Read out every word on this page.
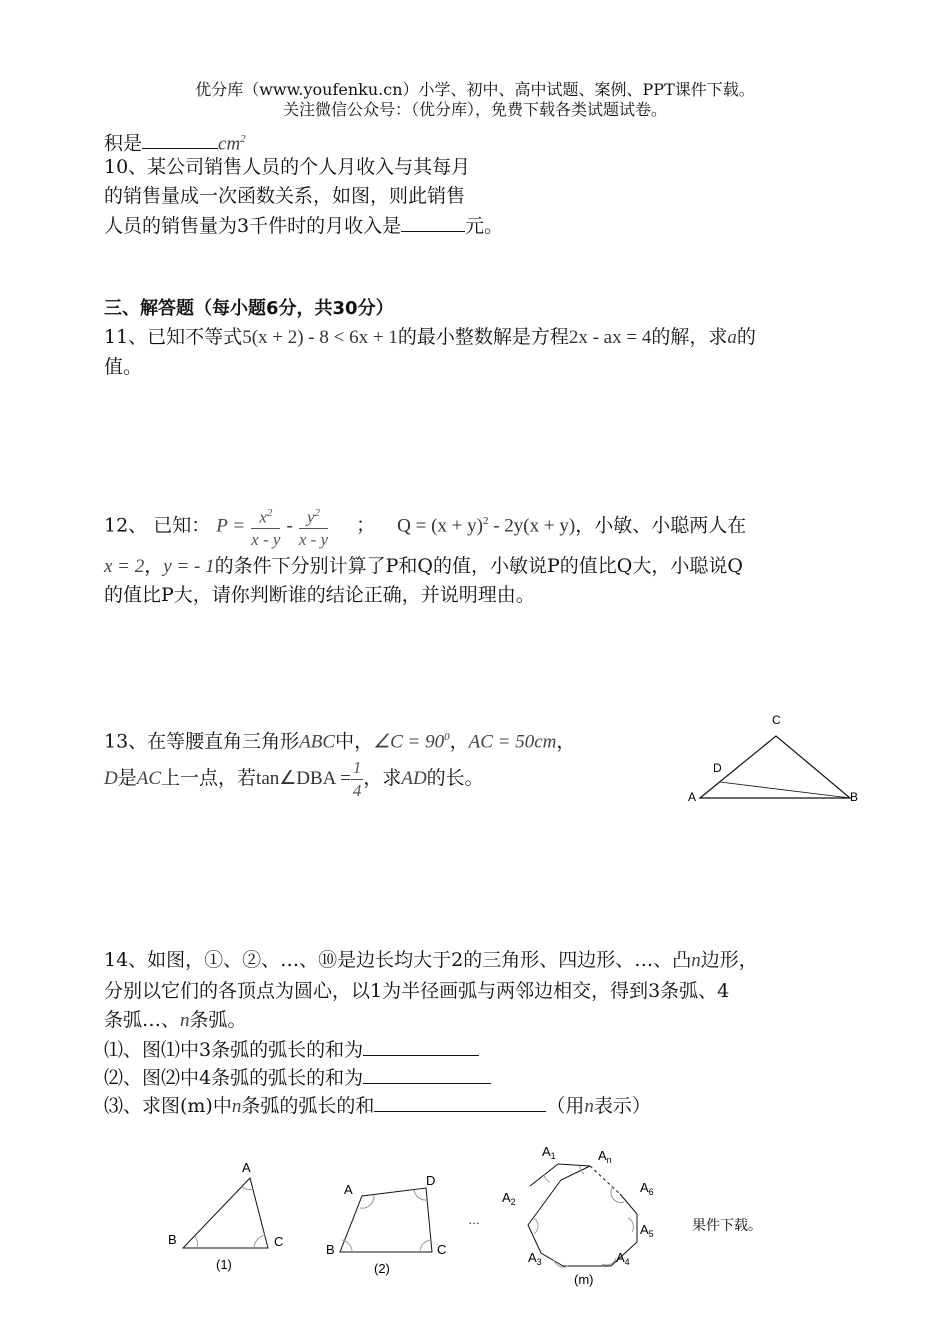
优分库（www.youfenku.cn）小学、初中、高中试题、案例、PPT课件下载。
关注微信公众号：（优分库），免费下载各类试题试卷。
积是	$cm^2$
10、某公司销售人员的个人月收入与其每月
的销售量成一次函数关系，如图，则此销售
人员的销售量为3千件时的月收入是	元。
三、解答题（每小题6分，共30分）
11、已知不等式5(x + 2) - 8 < 6x + 1的最小整数解是方程2x - ax = 4的解，求a的
值。
12、 已知： $P = \frac{x^2}{x - y} - \frac{y^2}{x - y}$ ； $Q = (x + y)^2 - 2y(x + y)$，小敏、小聪两人在
x = 2，y = - 1的条件下分别计算了P和Q的值，小敏说P的值比Q大，小聪说Q
的值比P大，请你判断谁的结论正确，并说明理由。
13、在等腰直角三角形ABC中，∠C = $90^0$，AC = 50cm，
D是AC上一点，若tan∠DBA = $\frac{1}{4}$ ，求AD的长。
C
D
A	B
14、如图，①、②、…、⑩是边长均大于2的三角形、四边形、…、凸n边形，
分别以它们的各顶点为圆心，以1为半径画弧与两邻边相交，得到3条弧、4
条弧…、n条弧。
⑴、图⑴中3条弧的弧长的和为
⑵、图⑵中4条弧的弧长的和为
⑶、求图(m)中n条弧的弧长的和	（用n表示）
A
B	C
(1)
A
D
B	C
(2)
…
$A_1$	$A_n$
$A_6$
$A_2$
$A_5$
$A_3$	$A_4$
(m)
果件下载。
